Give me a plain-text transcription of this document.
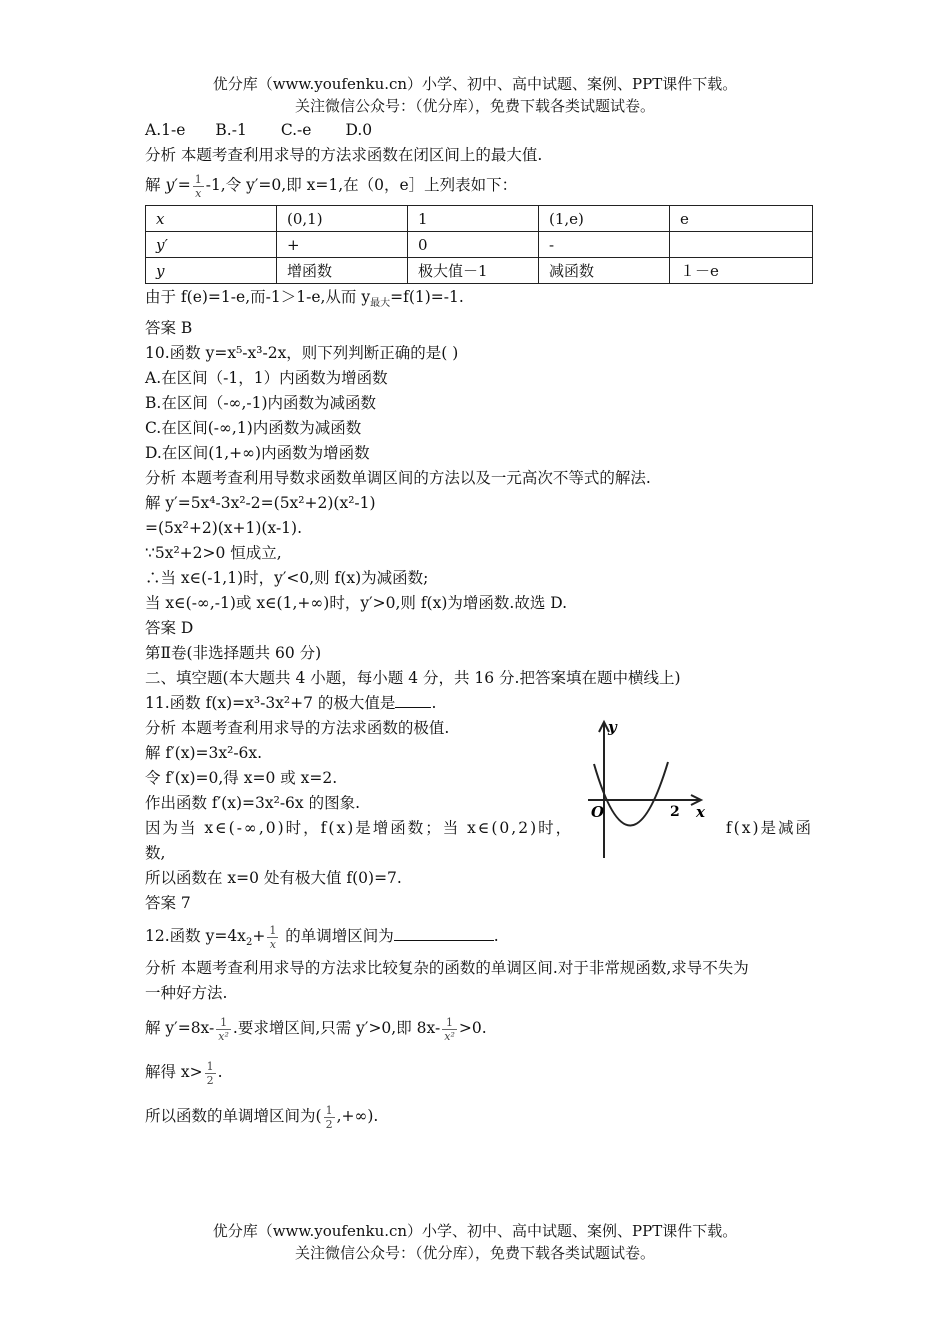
优分库（www.youfenku.cn）小学、初中、高中试题、案例、PPT课件下载。
关注微信公众号：（优分库），免费下载各类试题试卷。
A.1-e B.-1 C.-e D.0
分析 本题考查利用求导的方法求函数在闭区间上的最大值.
解 $y'= \frac{1}{x} -1$,令 y′=0,即 x=1,在（0，e］上列表如下：
x	(0,1)	1	(1,e)	e
y′	+	0	-	
y	增函数	极大值－1	减函数	１－e
由于 f(e)=1-e,而-1＞1-e,从而 $y_{最大}=f(1)=-1$.
答案 B
10.函数 y=x⁵-x³-2x，则下列判断正确的是( )
A.在区间（-1，1）内函数为增函数
B.在区间（-∞,-1)内函数为减函数
C.在区间(-∞,1)内函数为减函数
D.在区间(1,+∞)内函数为增函数
分析 本题考查利用导数求函数单调区间的方法以及一元高次不等式的解法.
解 y′=5x⁴-3x²-2=(5x²+2)(x²-1)
=(5x²+2)(x+1)(x-1).
∵5x²+2>0 恒成立,
∴当 x∈(-1,1)时，y′<0,则 f(x)为减函数;
当 x∈(-∞,-1)或 x∈(1,+∞)时，y′>0,则 f(x)为增函数.故选 D.
答案 D
第Ⅱ卷(非选择题共 60 分)
二、填空题(本大题共 4 小题，每小题 4 分，共 16 分.把答案填在题中横线上)
11.函数 f(x)=x³-3x²+7 的极大值是 .
分析 本题考查利用求导的方法求函数的极值.
解 f′(x)=3x²-6x.
令 f′(x)=0,得 x=0 或 x=2.
作出函数 f′(x)=3x²-6x 的图象.
因为当 x∈(-∞,0)时，f(x)是增函数；当 x∈(0,2)时，	f(x)是减函
数,
所以函数在 x=0 处有极大值 f(0)=7.
答案 7
12.函数 $y=4x_2+ \frac{1}{x}$ 的单调增区间为	.
分析 本题考查利用求导的方法求比较复杂的函数的单调区间.对于非常规函数,求导不失为
一种好方法.
解 $y'=8x- \frac{1}{\text{x²}}$ .要求增区间,只需 y′>0,即 $8x- \frac{1}{\text{x²}} >0$.
解得 $x> \frac{1}{2}$ .
所以函数的单调增区间为( $\frac{1}{2}$ ,+∞).
y
x
O	2
优分库（www.youfenku.cn）小学、初中、高中试题、案例、PPT课件下载。
关注微信公众号：（优分库），免费下载各类试题试卷。
